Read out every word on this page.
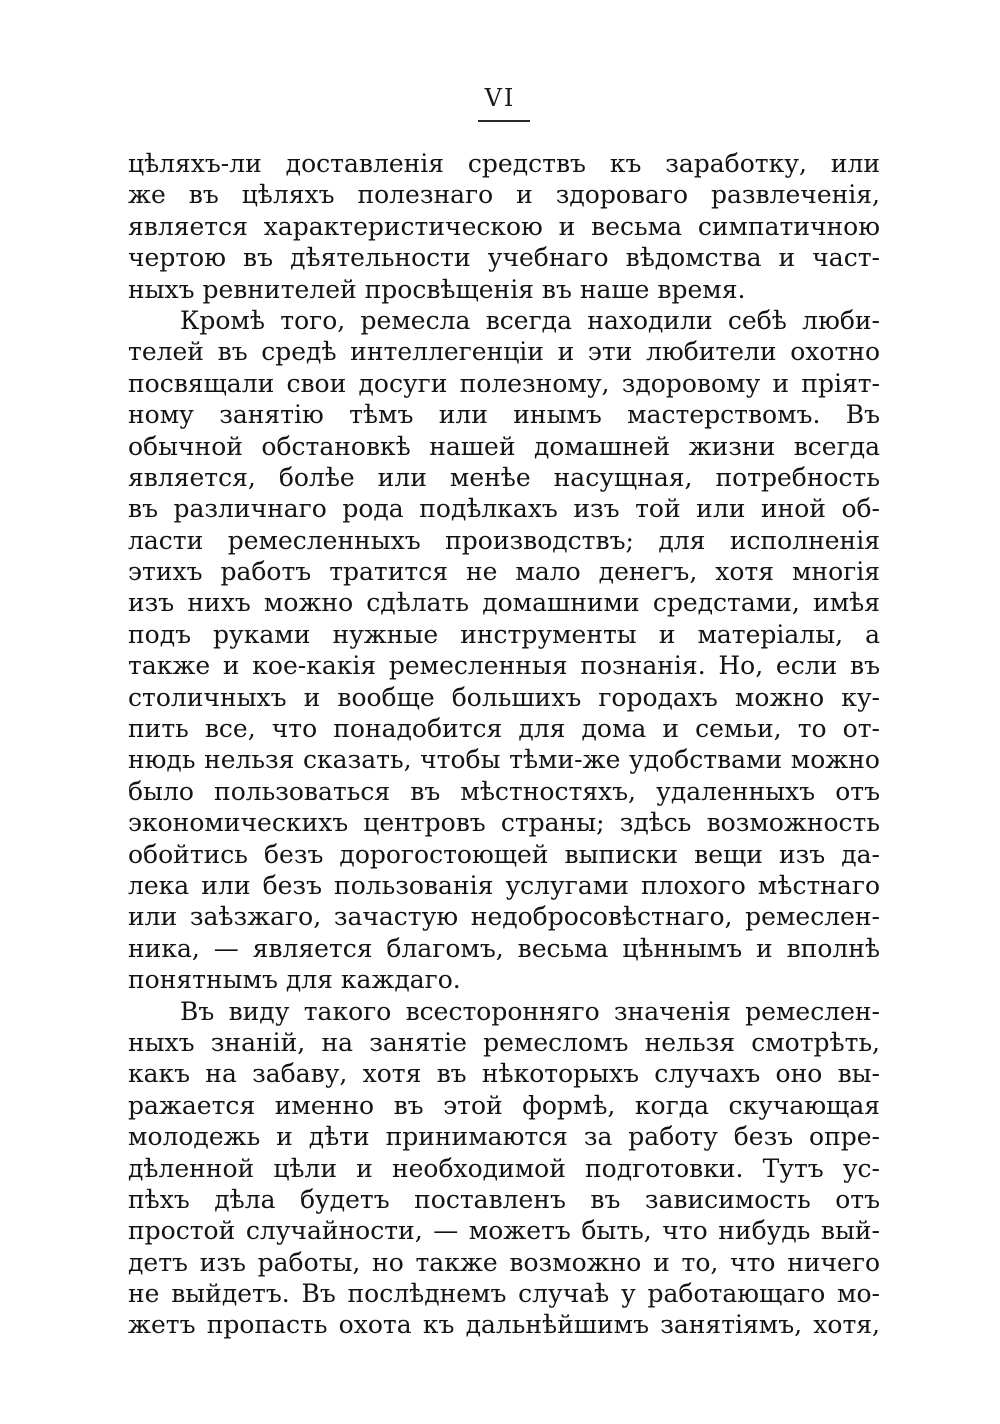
VI
цѣляхъ-ли доставленія средствъ къ заработку, или
же въ цѣляхъ полезнаго и здороваго развлеченія,
является характеристическою и весьма симпатичною
чертою въ дѣятельности учебнаго вѣдомства и част-
ныхъ ревнителей просвѣщенія въ наше время.
Кромѣ того, ремесла всегда находили себѣ люби-
телей въ средѣ интеллегенціи и эти любители охотно
посвящали свои досуги полезному, здоровому и пріят-
ному занятію тѣмъ или инымъ мастерствомъ. Въ
обычной обстановкѣ нашей домашней жизни всегда
является, болѣе или менѣе насущная, потребность
въ различнаго рода подѣлкахъ изъ той или иной об-
ласти ремесленныхъ производствъ; для исполненія
этихъ работъ тратится не мало денегъ, хотя многія
изъ нихъ можно сдѣлать домашними средстами, имѣя
подъ руками нужные инструменты и матеріалы, а
также и кое-какія ремесленныя познанія. Но, если въ
столичныхъ и вообще большихъ городахъ можно ку-
пить все, что понадобится для дома и семьи, то от-
нюдь нельзя сказать, чтобы тѣми-же удобствами можно
было пользоваться въ мѣстностяхъ, удаленныхъ отъ
экономическихъ центровъ страны; здѣсь возможность
обойтись безъ дорогостоющей выписки вещи изъ да-
лека или безъ пользованія услугами плохого мѣстнаго
или заѣзжаго, зачастую недобросовѣстнаго, ремеслен-
ника, — является благомъ, весьма цѣннымъ и вполнѣ
понятнымъ для каждаго.
Въ виду такого всесторонняго значенія ремеслен-
ныхъ знаній, на занятіе ремесломъ нельзя смотрѣть,
какъ на забаву, хотя въ нѣкоторыхъ случахъ оно вы-
ражается именно въ этой формѣ, когда скучающая
молодежь и дѣти принимаются за работу безъ опре-
дѣленной цѣли и необходимой подготовки. Тутъ ус-
пѣхъ дѣла будетъ поставленъ въ зависимость отъ
простой случайности, — можетъ быть, что нибудь вый-
детъ изъ работы, но также возможно и то, что ничего
не выйдетъ. Въ послѣднемъ случаѣ у работающаго мо-
жетъ пропасть охота къ дальнѣйшимъ занятіямъ, хотя,
